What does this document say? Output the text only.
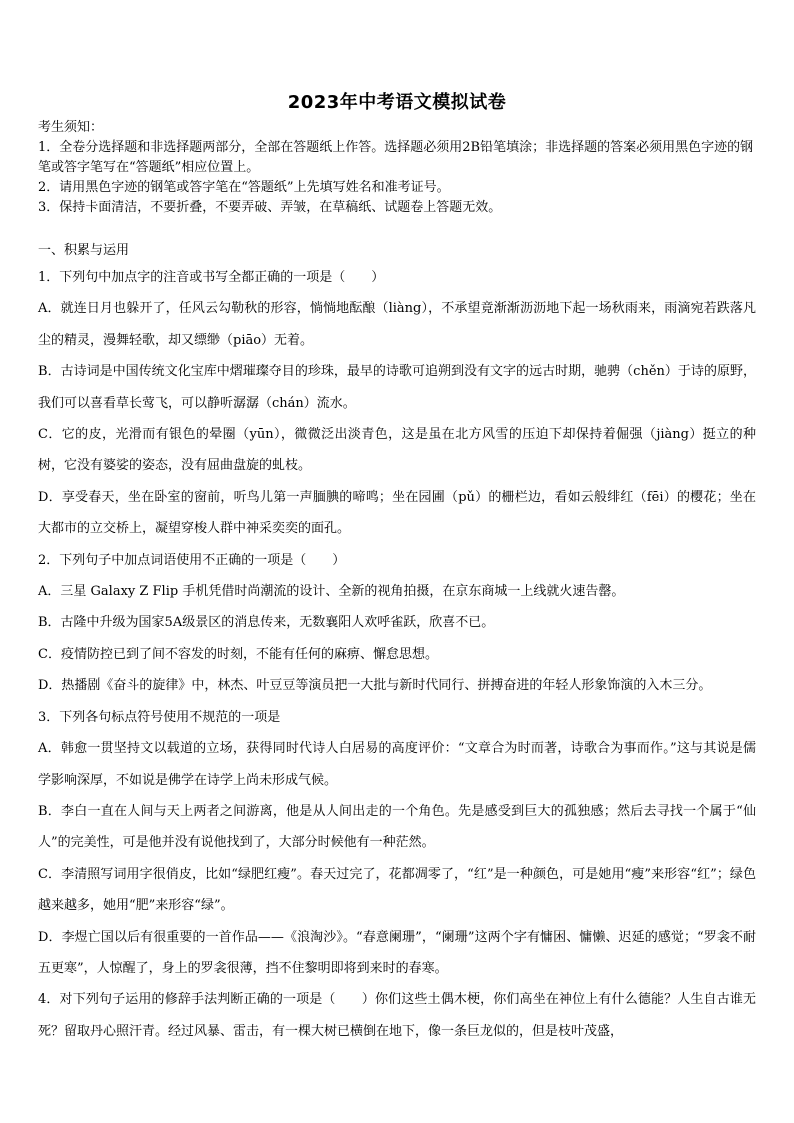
2023年中考语文模拟试卷

考生须知：

1．全卷分选择题和非选择题两部分，全部在答题纸上作答。选择题必须用2B铅笔填涂；非选择题的答案必须用黑色字迹的钢笔或答字笔写在“答题纸”相应位置上。

2．请用黑色字迹的钢笔或答字笔在“答题纸”上先填写姓名和准考证号。

3．保持卡面清洁，不要折叠，不要弄破、弄皱，在草稿纸、试题卷上答题无效。

一、积累与运用

1．下列句中加点字的注音或书写全都正确的一项是（　　）

A．就连日月也躲开了，任风云勾勒秋的形容，惝惝地酝酿（liàng），不承望竟渐渐沥沥地下起一场秋雨来，雨滴宛若跌落凡尘的精灵，漫舞轻歌，却又缥缈（piāo）无着。

B．古诗词是中国传统文化宝库中熠璀璨夺目的珍珠，最早的诗歌可追朔到没有文字的远古时期，驰骋（chěn）于诗的原野，我们可以喜看草长莺飞，可以静听潺潺（chán）流水。

C．它的皮，光滑而有银色的晕圈（yūn），微微泛出淡青色，这是虽在北方风雪的压迫下却保持着倔强（jiàng）挺立的种树，它没有婆娑的姿态，没有屈曲盘旋的虬枝。

D．享受春天，坐在卧室的窗前，听鸟儿第一声腼腆的啼鸣；坐在园圃（pǔ）的栅栏边，看如云般绯红（fēi）的樱花；坐在大都市的立交桥上，凝望穿梭人群中神采奕奕的面孔。

2．下列句子中加点词语使用不正确的一项是（　　）

A．三星 Galaxy Z Flip 手机凭借时尚潮流的设计、全新的视角拍摄，在京东商城一上线就火速告罄。

B．古隆中升级为国家5A级景区的消息传来，无数襄阳人欢呼雀跃，欣喜不已。

C．疫情防控已到了间不容发的时刻，不能有任何的麻痹、懈怠思想。

D．热播剧《奋斗的旋律》中，林杰、叶豆豆等演员把一大批与新时代同行、拼搏奋进的年轻人形象饰演的入木三分。

3．下列各句标点符号使用不规范的一项是

A．韩愈一贯坚持文以载道的立场，获得同时代诗人白居易的高度评价：“文章合为时而著，诗歌合为事而作。”这与其说是儒学影响深厚，不如说是佛学在诗学上尚未形成气候。

B．李白一直在人间与天上两者之间游离，他是从人间出走的一个角色。先是感受到巨大的孤独感；然后去寻找一个属于“仙人”的完美性，可是他并没有说他找到了，大部分时候他有一种茫然。

C．李清照写词用字很俏皮，比如“绿肥红瘦”。春天过完了，花都凋零了，“红”是一种颜色，可是她用“瘦”来形容“红”；绿色越来越多，她用“肥”来形容“绿”。

D．李煜亡国以后有很重要的一首作品——《浪淘沙》。“春意阑珊”，“阑珊”这两个字有慵困、慵懒、迟延的感觉；“罗衾不耐五更寒”，人惊醒了，身上的罗衾很薄，挡不住黎明即将到来时的春寒。

4．对下列句子运用的修辞手法判断正确的一项是（　　）你们这些土偶木梗，你们高坐在神位上有什么德能？人生自古谁无死？留取丹心照汗青。经过风暴、雷击，有一棵大树已横倒在地下，像一条巨龙似的，但是枝叶茂盛，
